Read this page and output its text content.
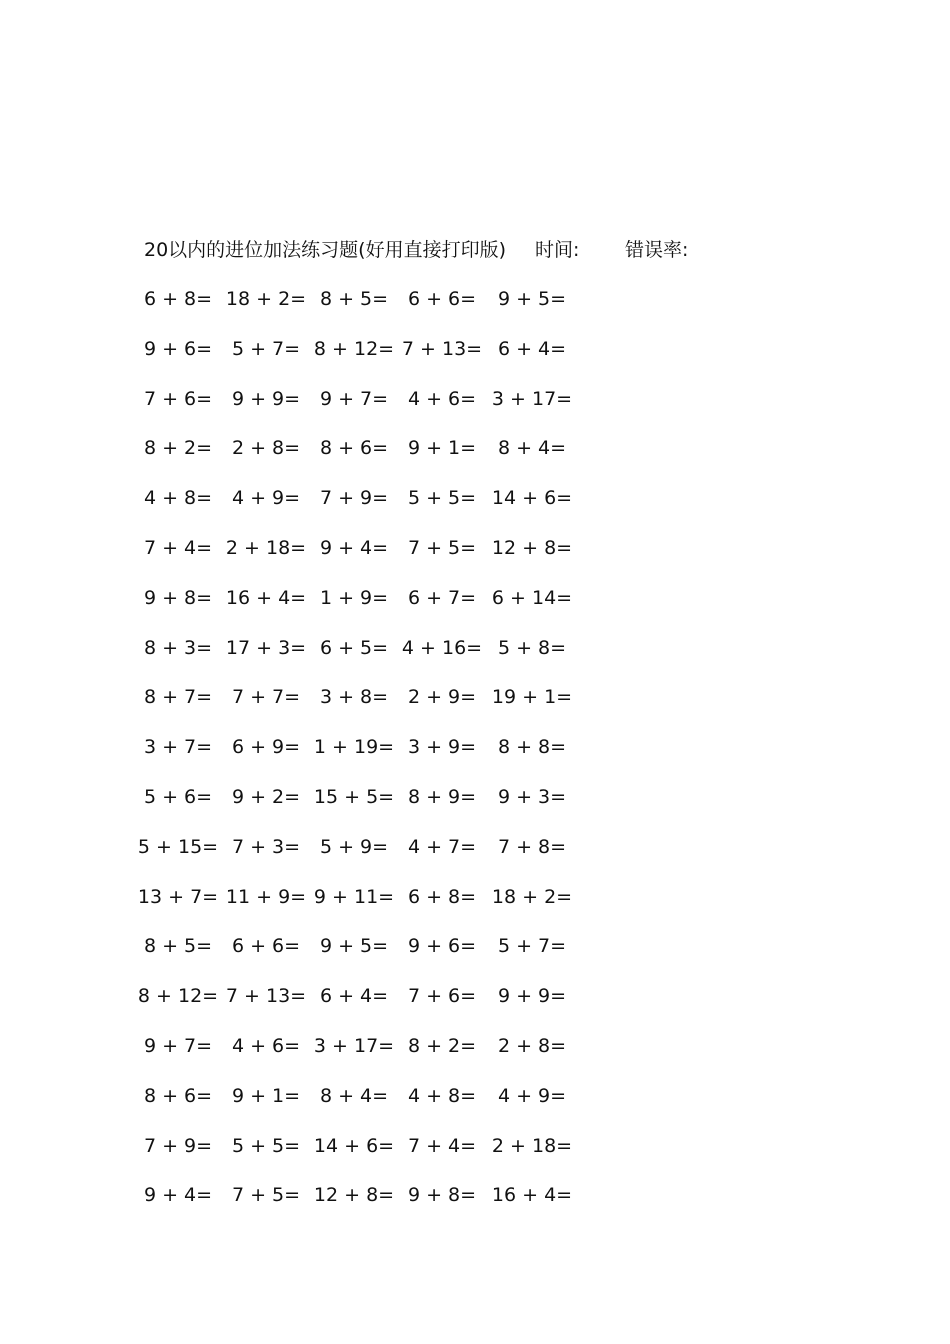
20以内的进位加法练习题(好用直接打印版) 时间: 错误率:
6 + 8= 18 + 2= 8 + 5=	6 + 6=	9 + 5=
9 + 6=	5 + 7= 8 + 12= 7 + 13= 6 + 4=
7 + 6=	9 + 9=	9 + 7=	4 + 6= 3 + 17=
8 + 2=	2 + 8=	8 + 6=	9 + 1=	8 + 4=
4 + 8=	4 + 9=	7 + 9=	5 + 5= 14 + 6=
7 + 4= 2 + 18= 9 + 4=	7 + 5= 12 + 8=
9 + 8= 16 + 4= 1 + 9=	6 + 7= 6 + 14=
8 + 3= 17 + 3= 6 + 5= 4 + 16= 5 + 8=
8 + 7=	7 + 7=	3 + 8=	2 + 9= 19 + 1=
3 + 7=	6 + 9= 1 + 19= 3 + 9=	8 + 8=
5 + 6=	9 + 2= 15 + 5= 8 + 9=	9 + 3=
5 + 15= 7 + 3=	5 + 9=	4 + 7=	7 + 8=
13 + 7= 11 + 9= 9 + 11= 6 + 8= 18 + 2=
8 + 5=	6 + 6=	9 + 5=	9 + 6=	5 + 7=
8 + 12= 7 + 13= 6 + 4=	7 + 6=	9 + 9=
9 + 7=	4 + 6= 3 + 17= 8 + 2=	2 + 8=
8 + 6=	9 + 1=	8 + 4=	4 + 8=	4 + 9=
7 + 9=	5 + 5= 14 + 6= 7 + 4= 2 + 18=
9 + 4=	7 + 5= 12 + 8= 9 + 8= 16 + 4=
